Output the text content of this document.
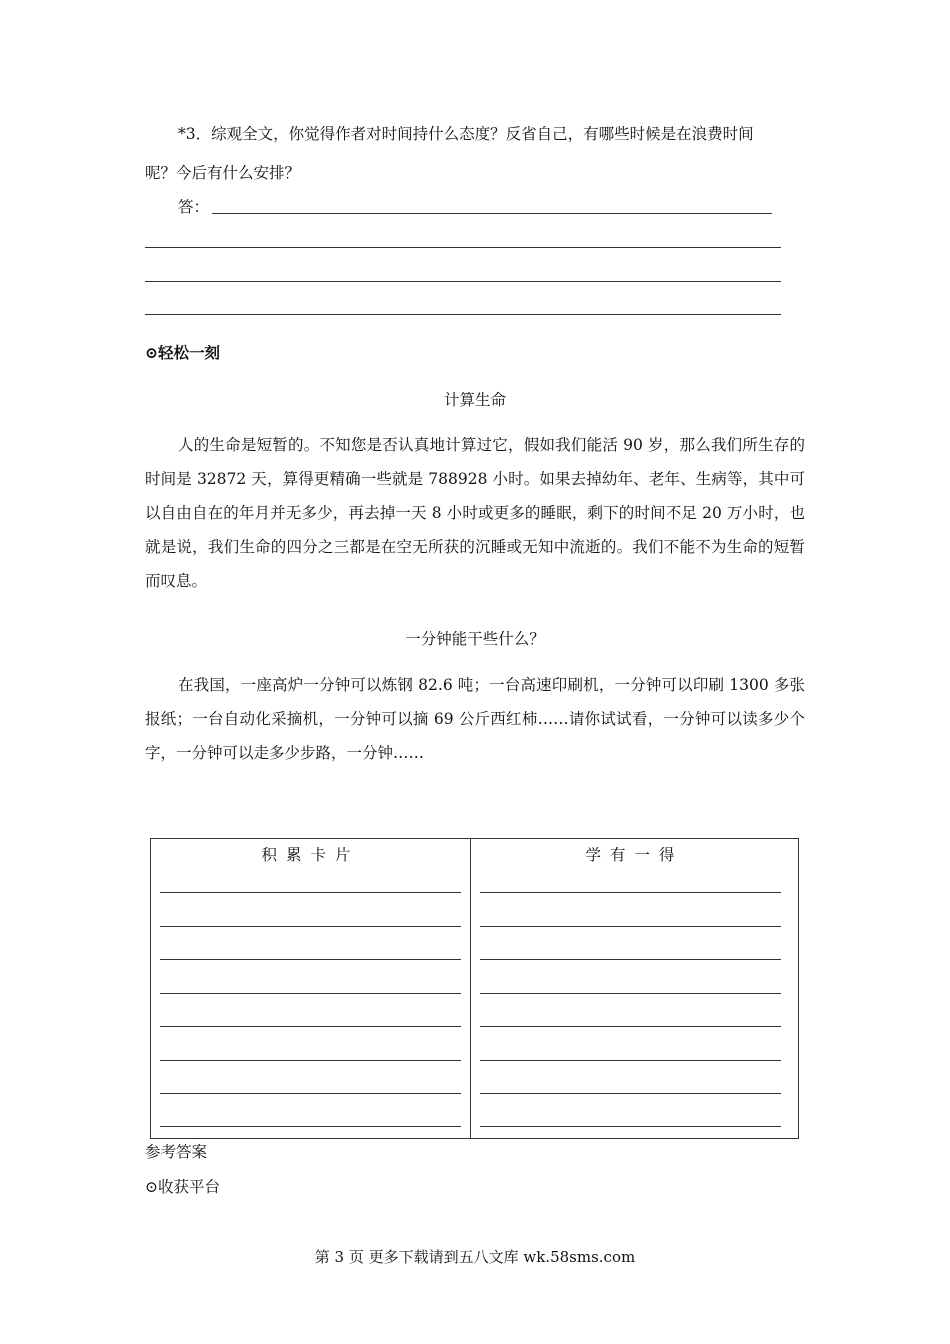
*3．综观全文，你觉得作者对时间持什么态度？反省自己，有哪些时候是在浪费时间
呢？今后有什么安排？
答：
⊙轻松一刻
计算生命
人的生命是短暂的。不知您是否认真地计算过它，假如我们能活 90 岁，那么我们所生存的时间是 32872 天，算得更精确一些就是 788928 小时。如果去掉幼年、老年、生病等，其中可以自由自在的年月并无多少，再去掉一天 8 小时或更多的睡眠，剩下的时间不足 20 万小时，也就是说，我们生命的四分之三都是在空无所获的沉睡或无知中流逝的。我们不能不为生命的短暂而叹息。
一分钟能干些什么？
在我国，一座高炉一分钟可以炼钢 82.6 吨；一台高速印刷机，一分钟可以印刷 1300 多张报纸；一台自动化采摘机，一分钟可以摘 69 公斤西红柿……请你试试看，一分钟可以读多少个字，一分钟可以走多少步路，一分钟……
积累卡片	学有一得
参考答案
⊙收获平台
第 3 页 更多下载请到五八文库 wk.58sms.com
